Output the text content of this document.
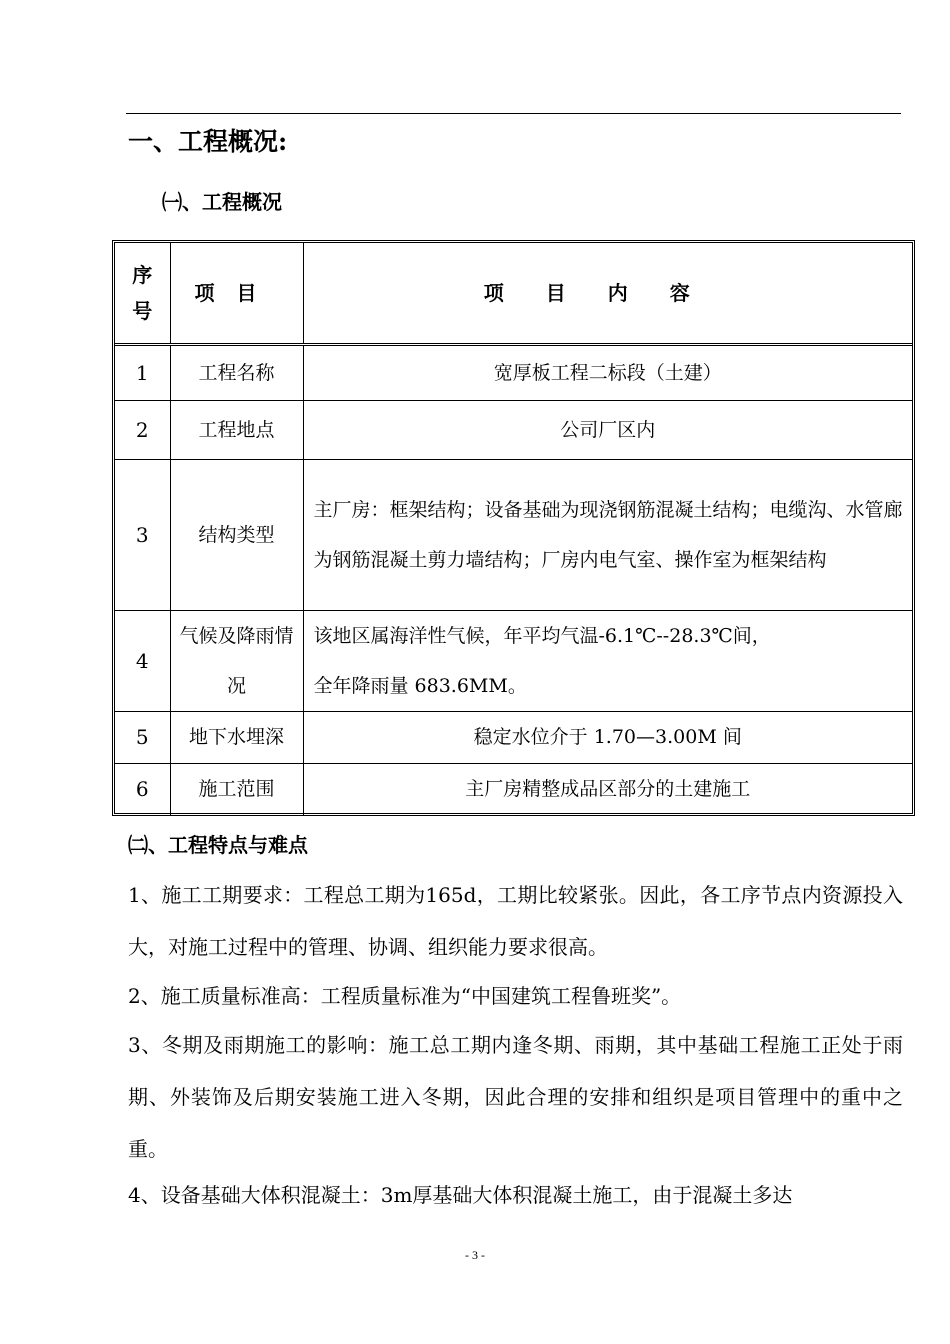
一、工程概况:
㈠、工程概况
序
号	项目	项目内容
1	工程名称	宽厚板工程二标段（土建）
2	工程地点	公司厂区内
3	结构类型	主厂房：框架结构；设备基础为现浇钢筋混凝土结构；电缆沟、水管廊为钢筋混凝土剪力墙结构；厂房内电气室、操作室为框架结构
4	气候及降雨情况	该地区属海洋性气候，年平均气温-6.1℃--28.3℃间，
全年降雨量 683.6MM。

5	地下水埋深	稳定水位介于 1.70—3.00M 间
6	施工范围	主厂房精整成品区部分的土建施工
㈡、工程特点与难点
1、施工工期要求：工程总工期为165d，工期比较紧张。因此，各工序节点内资源投入大，对施工过程中的管理、协调、组织能力要求很高。
2、施工质量标准高：工程质量标准为“中国建筑工程鲁班奖”。
3、冬期及雨期施工的影响：施工总工期内逢冬期、雨期，其中基础工程施工正处于雨期、外装饰及后期安装施工进入冬期，因此合理的安排和组织是项目管理中的重中之重。
4、设备基础大体积混凝土：3m厚基础大体积混凝土施工，由于混凝土多达
- 3 -
